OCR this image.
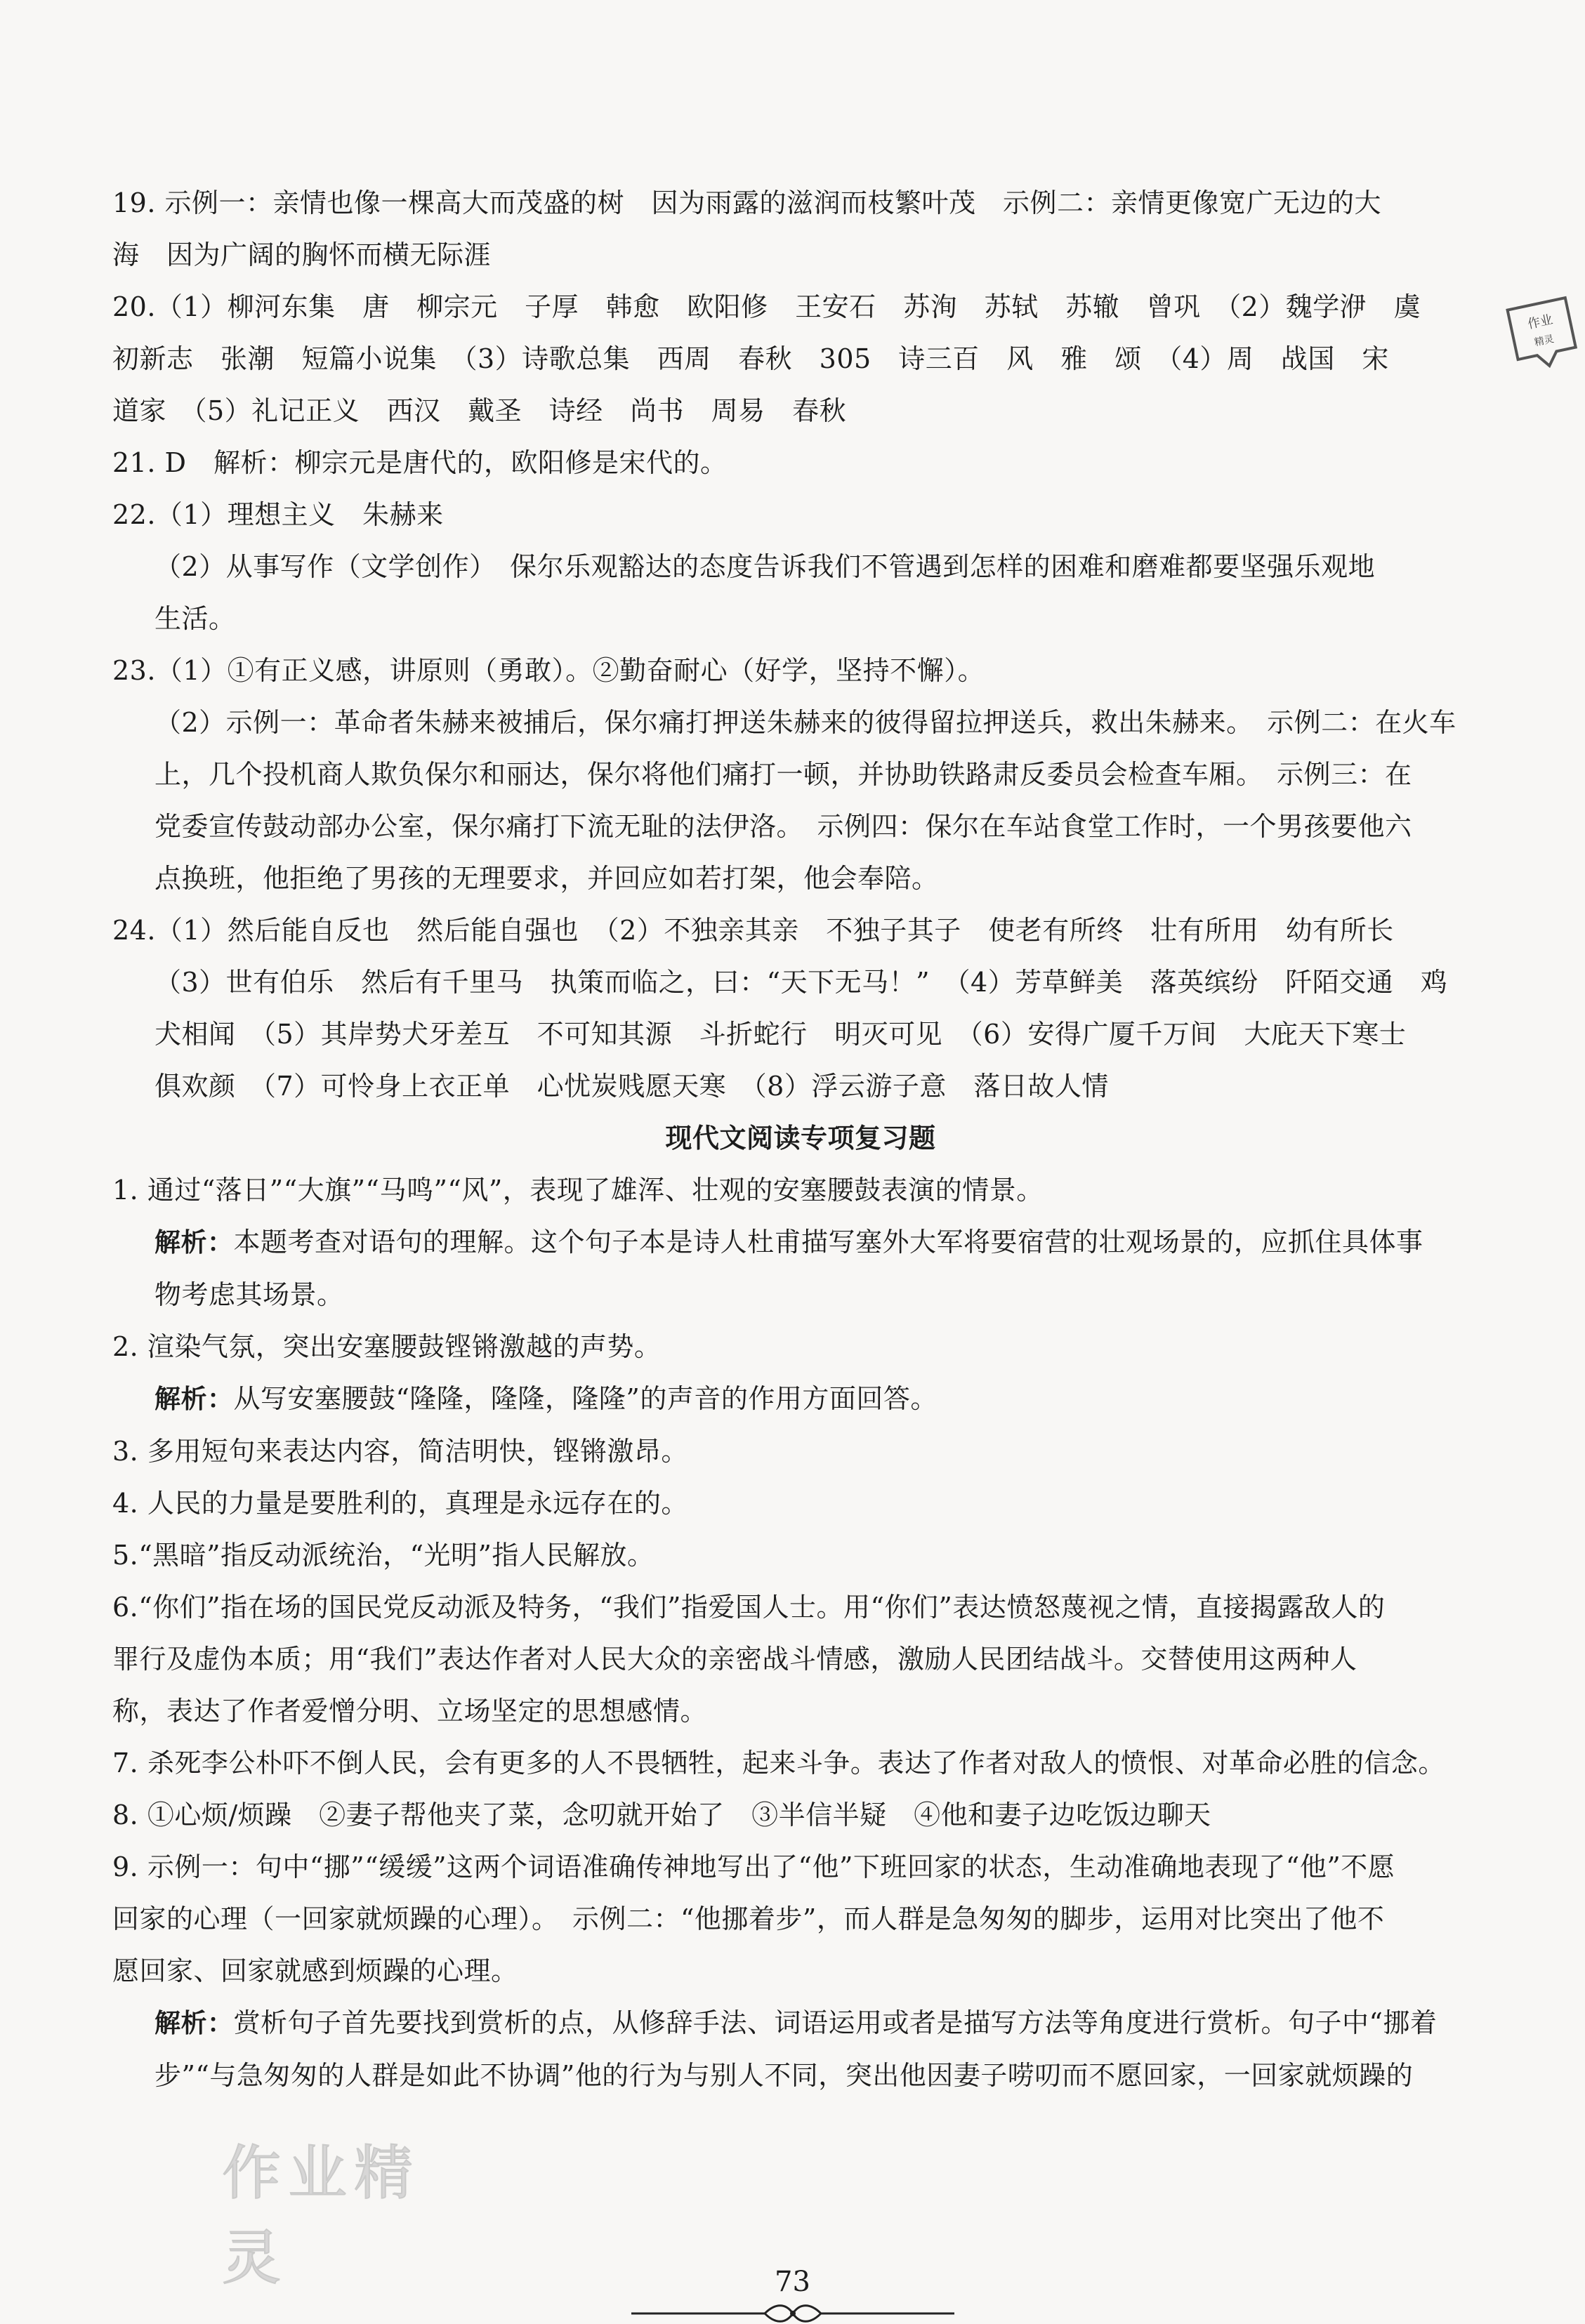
19. 示例一：亲情也像一棵高大而茂盛的树　因为雨露的滋润而枝繁叶茂　示例二：亲情更像宽广无边的大
海　因为广阔的胸怀而横无际涯
20.（1）柳河东集　唐　柳宗元　子厚　韩愈　欧阳修　王安石　苏洵　苏轼　苏辙　曾巩　（2）魏学洢　虞
初新志　张潮　短篇小说集　（3）诗歌总集　西周　春秋　305　诗三百　风　雅　颂　（4）周　战国　宋
道家　（5）礼记正义　西汉　戴圣　诗经　尚书　周易　春秋
21. D　解析：柳宗元是唐代的，欧阳修是宋代的。
22.（1）理想主义　朱赫来
（2）从事写作（文学创作）　保尔乐观豁达的态度告诉我们不管遇到怎样的困难和磨难都要坚强乐观地
生活。
23.（1）①有正义感，讲原则（勇敢）。②勤奋耐心（好学，坚持不懈）。
（2）示例一：革命者朱赫来被捕后，保尔痛打押送朱赫来的彼得留拉押送兵，救出朱赫来。　示例二：在火车
上，几个投机商人欺负保尔和丽达，保尔将他们痛打一顿，并协助铁路肃反委员会检查车厢。　示例三：在
党委宣传鼓动部办公室，保尔痛打下流无耻的法伊洛。　示例四：保尔在车站食堂工作时，一个男孩要他六
点换班，他拒绝了男孩的无理要求，并回应如若打架，他会奉陪。
24.（1）然后能自反也　然后能自强也　（2）不独亲其亲　不独子其子　使老有所终　壮有所用　幼有所长
（3）世有伯乐　然后有千里马　执策而临之，曰：“天下无马！”　（4）芳草鲜美　落英缤纷　阡陌交通　鸡
犬相闻　（5）其岸势犬牙差互　不可知其源　斗折蛇行　明灭可见　（6）安得广厦千万间　大庇天下寒士
俱欢颜　（7）可怜身上衣正单　心忧炭贱愿天寒　（8）浮云游子意　落日故人情
现代文阅读专项复习题
1. 通过“落日”“大旗”“马鸣”“风”，表现了雄浑、壮观的安塞腰鼓表演的情景。
解析：本题考查对语句的理解。这个句子本是诗人杜甫描写塞外大军将要宿营的壮观场景的，应抓住具体事
物考虑其场景。
2. 渲染气氛，突出安塞腰鼓铿锵激越的声势。
解析：从写安塞腰鼓“隆隆，隆隆，隆隆”的声音的作用方面回答。
3. 多用短句来表达内容，简洁明快，铿锵激昂。
4. 人民的力量是要胜利的，真理是永远存在的。
5.“黑暗”指反动派统治，“光明”指人民解放。
6.“你们”指在场的国民党反动派及特务，“我们”指爱国人士。用“你们”表达愤怒蔑视之情，直接揭露敌人的
罪行及虚伪本质；用“我们”表达作者对人民大众的亲密战斗情感，激励人民团结战斗。交替使用这两种人
称，表达了作者爱憎分明、立场坚定的思想感情。
7. 杀死李公朴吓不倒人民，会有更多的人不畏牺牲，起来斗争。表达了作者对敌人的愤恨、对革命必胜的信念。
8. ①心烦/烦躁　②妻子帮他夹了菜，念叨就开始了　③半信半疑　④他和妻子边吃饭边聊天
9. 示例一：句中“挪”“缓缓”这两个词语准确传神地写出了“他”下班回家的状态，生动准确地表现了“他”不愿
回家的心理（一回家就烦躁的心理）。　示例二：“他挪着步”，而人群是急匆匆的脚步，运用对比突出了他不
愿回家、回家就感到烦躁的心理。
解析：赏析句子首先要找到赏析的点，从修辞手法、词语运用或者是描写方法等角度进行赏析。句子中“挪着
步”“与急匆匆的人群是如此不协调”他的行为与别人不同，突出他因妻子唠叨而不愿回家，一回家就烦躁的
作业
精灵
作业精灵	73
